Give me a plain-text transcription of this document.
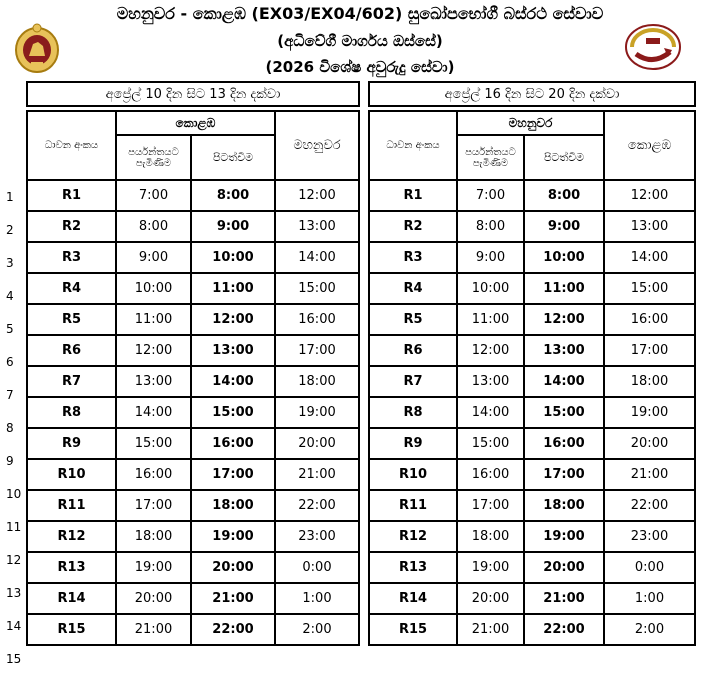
මහනුවර - කොළඹ (EX03/EX04/602) සුඛෝපභෝගී බස්රථ සේවාව
(අධිවේගී මාර්ගය ඔස්සේ)
(2026 විශේෂ අවුරුදු සේවා)
1
2
3
4
5
6
7
8
9
10
11
12
13
14
15
අප්‍රේල් 10 දින සිට 13 දින දක්වා			

ධාවන අංකය	කොළඹ		මහනුවර
	පර්යන්තයට පැමිණිම	පිටත්වීම	
R1	7:00	8:00	12:00
R2	8:00	9:00	13:00
R3	9:00	10:00	14:00
R4	10:00	11:00	15:00
R5	11:00	12:00	16:00
R6	12:00	13:00	17:00
R7	13:00	14:00	18:00
R8	14:00	15:00	19:00
R9	15:00	16:00	20:00
R10	16:00	17:00	21:00
R11	17:00	18:00	22:00
R12	18:00	19:00	23:00
R13	19:00	20:00	0:00
R14	20:00	21:00	1:00
R15	21:00	22:00	2:00
අප්‍රේල් 16 දින සිට 20 දින දක්වා			

ධාවන අංකය	මහනුවර		කොළඹ
	පර්යන්තයට පැමිණිම	පිටත්වීම	
R1	7:00	8:00	12:00
R2	8:00	9:00	13:00
R3	9:00	10:00	14:00
R4	10:00	11:00	15:00
R5	11:00	12:00	16:00
R6	12:00	13:00	17:00
R7	13:00	14:00	18:00
R8	14:00	15:00	19:00
R9	15:00	16:00	20:00
R10	16:00	17:00	21:00
R11	17:00	18:00	22:00
R12	18:00	19:00	23:00
R13	19:00	20:00	0:00
R14	20:00	21:00	1:00
R15	21:00	22:00	2:00
